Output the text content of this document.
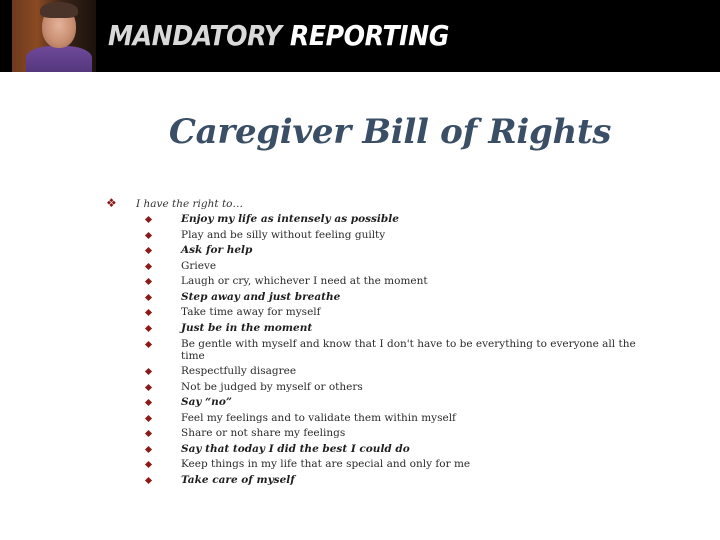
MANDATORY REPORTING
Caregiver Bill of Rights
❖	I have the right to…
Enjoy my life as intensely as possible
Play and be silly without feeling guilty
Ask for help
Grieve
Laugh or cry, whichever I need at the moment
Step away and just breathe
Take time away for myself
Just be in the moment
Be gentle with myself and know that I don't have to be everything to everyone all the time
Respectfully disagree
Not be judged by myself or others
Say “no”
Feel my feelings and to validate them within myself
Share or not share my feelings
Say that today I did the best I could do
Keep things in my life that are special and only for me
Take care of myself
